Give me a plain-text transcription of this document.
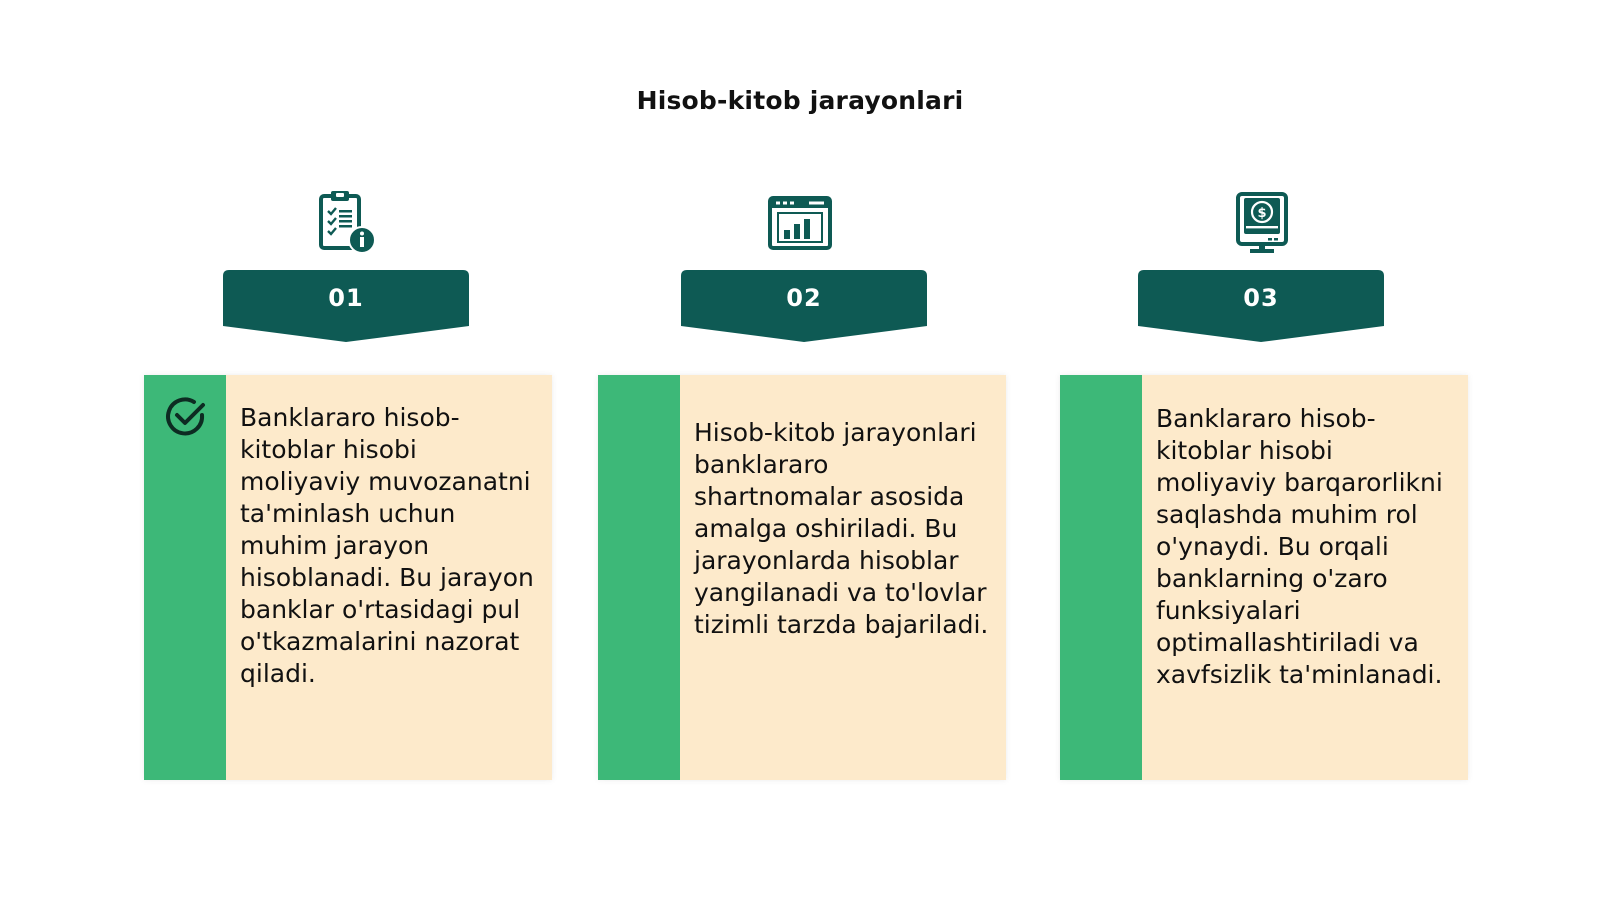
Hisob-kitob jarayonlari
01
Banklararo hisob-kitoblar hisobi moliyaviy muvozanatni ta'minlash uchun muhim jarayon hisoblanadi. Bu jarayon banklar o'rtasidagi pul o'tkazmalarini nazorat qiladi.
02
Hisob-kitob jarayonlari banklararo shartnomalar asosida amalga oshiriladi. Bu jarayonlarda hisoblar yangilanadi va to'lovlar tizimli tarzda bajariladi.
$
03
Banklararo hisob-kitoblar hisobi moliyaviy barqarorlikni saqlashda muhim rol o'ynaydi. Bu orqali banklarning o'zaro funksiyalari optimallashtiriladi va xavfsizlik ta'minlanadi.
